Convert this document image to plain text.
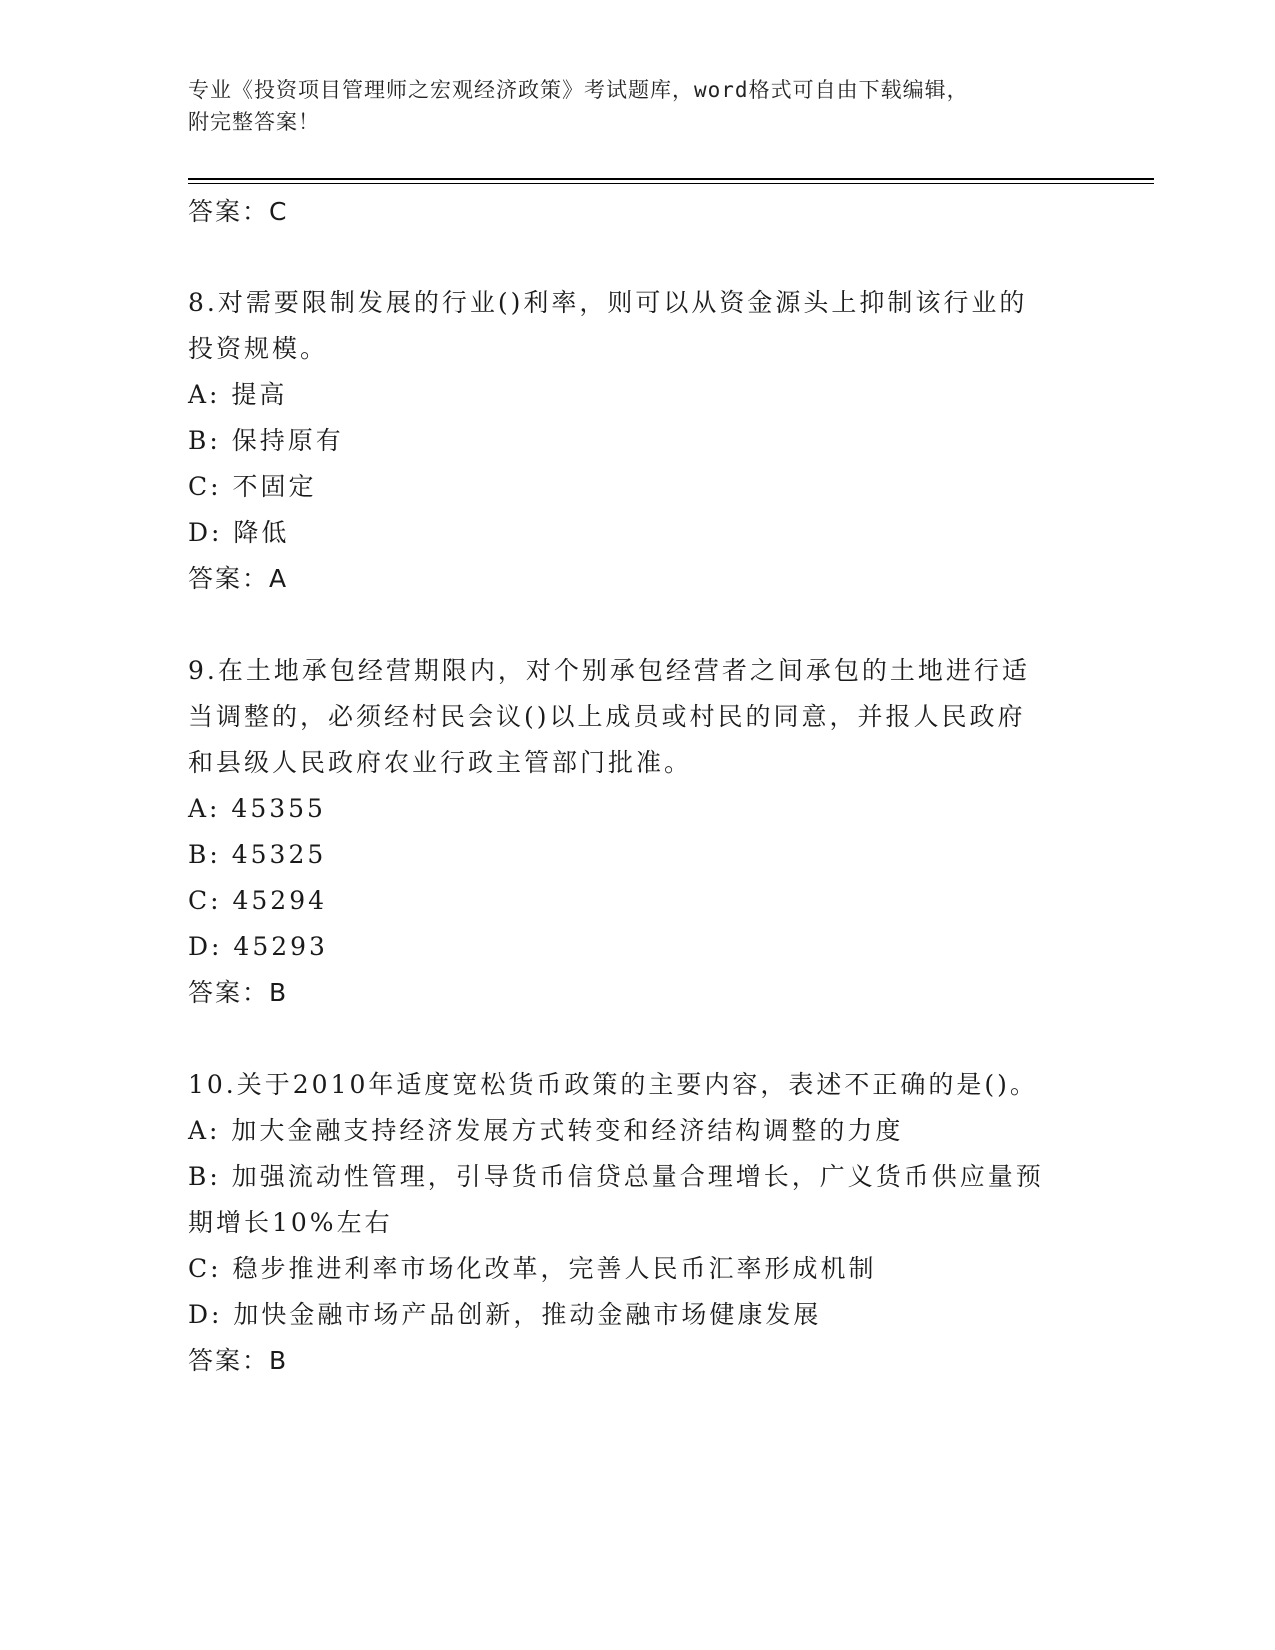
专业《投资项目管理师之宏观经济政策》考试题库，word格式可自由下载编辑，
附完整答案！
答案：C
8.对需要限制发展的行业()利率，则可以从资金源头上抑制该行业的
投资规模。
A: 提高
B: 保持原有
C: 不固定
D: 降低
答案：A
9.在土地承包经营期限内，对个别承包经营者之间承包的土地进行适
当调整的，必须经村民会议()以上成员或村民的同意，并报人民政府
和县级人民政府农业行政主管部门批准。
A: 45355
B: 45325
C: 45294
D: 45293
答案：B
10.关于2010年适度宽松货币政策的主要内容，表述不正确的是()。
A: 加大金融支持经济发展方式转变和经济结构调整的力度
B: 加强流动性管理，引导货币信贷总量合理增长，广义货币供应量预
期增长10%左右
C: 稳步推进利率市场化改革，完善人民币汇率形成机制
D: 加快金融市场产品创新，推动金融市场健康发展
答案：B
